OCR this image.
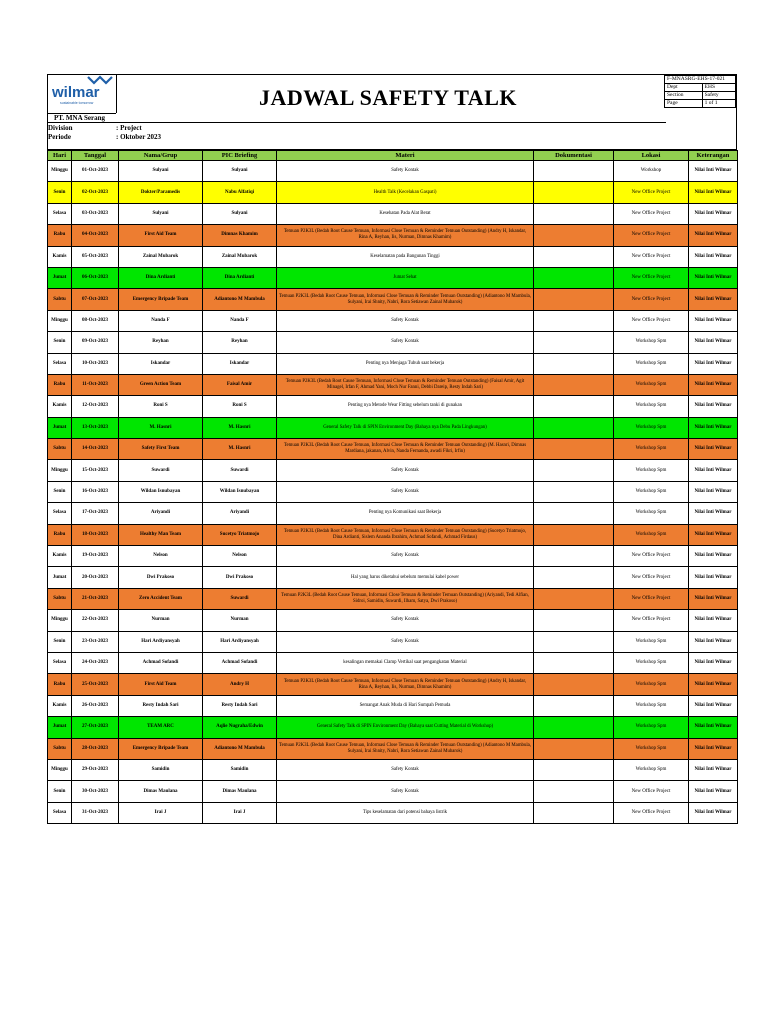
wilmar
sustainable tomorrow
PT. MNA Serang
Division	: Project
Periode	: Oktober 2023
JADWAL SAFETY TALK
F-MNASRG-EHS-17-021	
Dept	EHS
Section	Safety
Page	1 of 1
Hari	Tanggal	Nama/Grup	PIC Briefing	Materi	Dokumentasi	Lokasi	Keterangan
Minggu	01-Oct-2023	Sulyani	Sulyani	Safety Kontak		Workshop	Nilai Inti Wilmar
Senin	02-Oct-2023	Dokter/Paramedis	Nabu Alfatiqi	Health Talk (Kecelakan Gaspati)		New Office Project	Nilai Inti Wilmar
Selasa	03-Oct-2023	Sulyani	Sulyani	Kesehatan Pada Alat Berat		New Office Project	Nilai Inti Wilmar
Rabu	04-Oct-2023	First Aid Team	Dimnas Khamim	Temuan P2K3L (Bedah Root Cause Temuan, Informasi Close Temuan & Reminder Temuan Outstanding) (Andry H, Iskandar, Rina A, Reyhan, Iis, Nurman, Dimnas Khamim)		New Office Project	Nilai Inti Wilmar
Kamis	05-Oct-2023	Zainal Mubarok	Zainal Mubarok	Keselamatan pada Bangunan Tinggi		New Office Project	Nilai Inti Wilmar
Jumat	06-Oct-2023	Dina Ardianti	Dina Ardianti	Jumat Sehat		New Office Project	Nilai Inti Wilmar
Sabtu	07-Oct-2023	Emergency Bripade Team	Adiantono M Mambula	Temuan P2K3L (Bedah Root Cause Temuan, Informasi Close Temuan & Reminder Temuan Outstanding) (Adiantono M Mambula, Sulyani, Irai Shnity, Nabri, Rora Setiawan Zainal Mubarok)		New Office Project	Nilai Inti Wilmar
Minggu	08-Oct-2023	Nanda F	Nanda F	Safety Kontak		New Office Project	Nilai Inti Wilmar
Senin	09-Oct-2023	Reyhan	Reyhan	Safety Kontak		Workshop Spm	Nilai Inti Wilmar
Selasa	10-Oct-2023	Iskandar	Iskandar	Penting nya Menjaga Tubuh saat bekerja		Workshop Spm	Nilai Inti Wilmar
Rabu	11-Oct-2023	Green Action Team	Faisal Amir	Temuan P2K3L (Bedah Root Cause Temuan, Informasi Close Temuan & Reminder Temuan Outstanding) (Faisal Amir, Agit Minagel, Irfan F, Ahmad Yani, Moch Nur Fanni, Debbi Dareip, Resty Indah Sari)		Workshop Spm	Nilai Inti Wilmar
Kamis	12-Oct-2023	Roni S	Roni S	Penting nya Metode Wear Fitting sebelum tanki di gunakan		Workshop Spm	Nilai Inti Wilmar
Jumat	13-Oct-2023	M. Hasnri	M. Hasnri	General Safety Talk di SPIN Environment Day (Bahaya nya Debu Pada Lingkungan)		Workshop Spm	Nilai Inti Wilmar
Sabtu	14-Oct-2023	Safety First Team	M. Hasnri	Temuan P2K3L (Bedah Root Cause Temuan, Informasi Close Temuan & Reminder Temuan Outstanding) (M. Hasnri, Dimnas Mardiana, jakanan, Alvin, Nanda Fernanda, awadi Fikri, Irfin)		Workshop Spm	Nilai Inti Wilmar
Minggu	15-Oct-2023	Suwardi	Suwardi	Safety Kontak		Workshop Spm	Nilai Inti Wilmar
Senin	16-Oct-2023	Wildan Isnubayan	Wildan Isnubayan	Safety Kontak		Workshop Spm	Nilai Inti Wilmar
Selasa	17-Oct-2023	Ariyandi	Ariyandi	Penting nya Komunikasi saat Bekerja		Workshop Spm	Nilai Inti Wilmar
Rabu	18-Oct-2023	Healthy Man Team	Sucetyo Triatmojo	Temuan P2K3L (Bedah Root Cause Temuan, Informasi Close Temuan & Reminder Temuan Outstanding) (Sucetyo Triatmojo, Dina Ardianti, Sislem Ananda Ibrahim, Achmad Sofandi, Achmad Firdaus)		Workshop Spm	Nilai Inti Wilmar
Kamis	19-Oct-2023	Nelson	Nelson	Safety Kontak		New Office Project	Nilai Inti Wilmar
Jumat	20-Oct-2023	Dwi Prakoso	Dwi Prakoso	Hal yang harus diketahui sebelum memulai kabel power		New Office Project	Nilai Inti Wilmar
Sabtu	21-Oct-2023	Zero Accident Team	Suwardi	Temuan P2K3L (Bedah Root Cause Temuan, Informasi Close Temuan & Reminder Temuan Outstanding) (Ariyandi, Tedi Alfian, Sidroi, Samidin, Suwardi, Ilham, Satya, Dwi Prakoso)		New Office Project	Nilai Inti Wilmar
Minggu	22-Oct-2023	Nurman	Nurman	Safety Kontak		New Office Project	Nilai Inti Wilmar
Senin	23-Oct-2023	Hari Ardiyansyah	Hari Ardiyansyah	Safety Kontak		Workshop Spm	Nilai Inti Wilmar
Selasa	24-Oct-2023	Achmad Sofandi	Achmad Sofandi	kesalingan memakai Clamp Vertikal saat pengangkatan Material		Workshop Spm	Nilai Inti Wilmar
Rabu	25-Oct-2023	First Aid Team	Andry H	Temuan P2K3L (Bedah Root Cause Temuan, Informasi Close Temuan & Reminder Temuan Outstanding) (Andry H, Iskandar, Rina A, Reyhan, Iis, Nurman, Dimnas Khamim)		Workshop Spm	Nilai Inti Wilmar
Kamis	26-Oct-2023	Resty Indah Sari	Resty Indah Sari	Semangat Anak Muda di Hari Sumpah Pemuda		Workshop Spm	Nilai Inti Wilmar
Jumat	27-Oct-2023	TEAM ARC	Aqlie Nugraha/Edwin	General Safety Talk di SPIN Environment Day (Bahaya saat Cutting Material di Workshop)		Workshop Spm	Nilai Inti Wilmar
Sabtu	28-Oct-2023	Emergency Bripade Team	Adiantono M Mambula	Temuan P2K3L (Bedah Root Cause Temuan, Informasi Close Temuan & Reminder Temuan Outstanding) (Adiantono M Mambula, Sulyani, Irai Shnity, Nabri, Rora Setiawan Zainal Mubarok)		Workshop Spm	Nilai Inti Wilmar
Minggu	29-Oct-2023	Samidin	Samidin	Safety Kontak		Workshop Spm	Nilai Inti Wilmar
Senin	30-Oct-2023	Dimas Maulana	Dimas Maulana	Safety Kontak		New Office Project	Nilai Inti Wilmar
Selasa	31-Oct-2023	Irai J	Irai J	Tips keselamatan dari potensi bahaya listrik		New Office Project	Nilai Inti Wilmar
